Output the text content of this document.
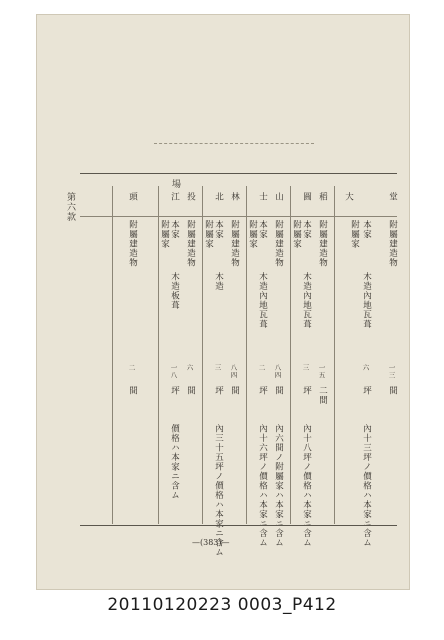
場
第六款	堂
大
附屬建造物
本家
附屬家
木造內地瓦葺
一三
六
坪 間
內十三坪ノ價格ハ本家ニ含ム
稻
圓
附屬建造物
本家
附屬家
木造內地瓦葺
一五
二間
三
坪
內十八坪ノ價格ハ本家ニ含ム
山
士
附屬建造物
本家
附屬家
木造內地瓦葺
八四
間
二
坪
內六間ノ附屬家ハ本家ニ含ム
內十六坪ノ價格ハ本家ニ含ム
林
北
附屬建造物
本家
附屬家
木造
八四
間
三
坪
內三十五坪ノ價格ハ本家ニ含ム
投
江
附屬建造物
本家
附屬家
木造板葺
六
間
一八
坪
價格ハ本家ニ含ム
頭
附屬建造物
二
間
—(383)—
20110120223 0003_P412
